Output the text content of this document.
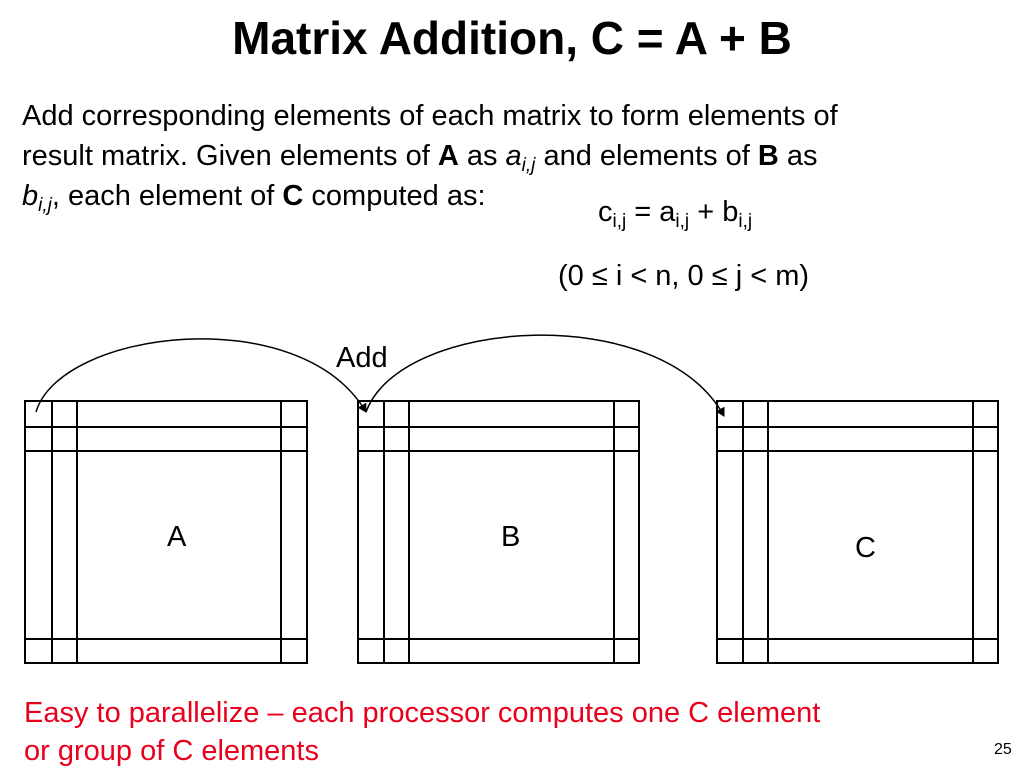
Matrix Addition, C = A + B
Add corresponding elements of each matrix to form elements of
result matrix. Given elements of A as $a_{i,j}$ and elements of B as
$b_{i,j}$, each element of C computed as:	$c_{i,j} = a_{i,j} + b_{i,j}$
(0 ≤ i < n, 0 ≤ j < m)
Add
A	B	C
Easy to parallelize – each processor computes one C element
or group of C elements	25
